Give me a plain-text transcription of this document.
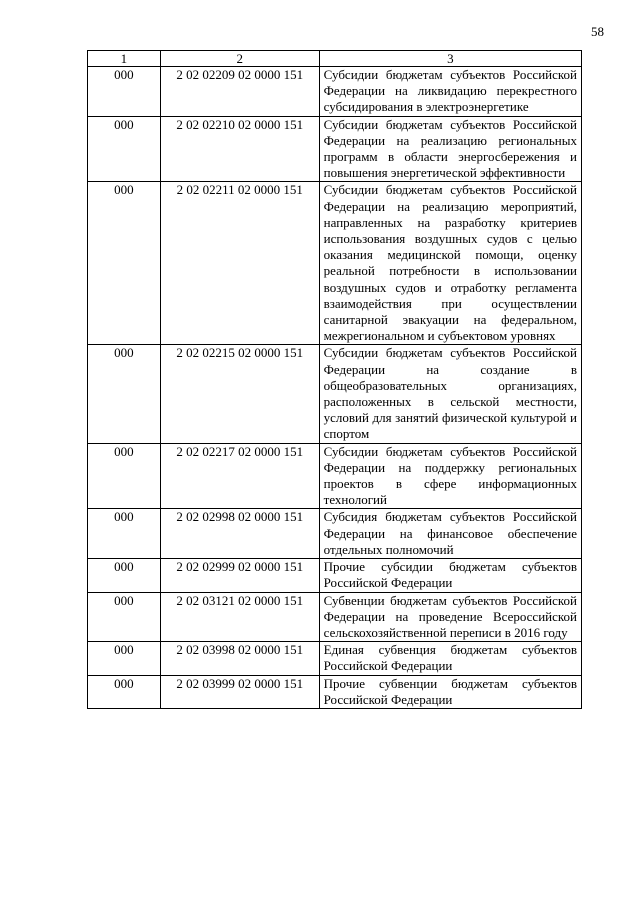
58
1	2	3
000	2 02 02209 02 0000 151	Субсидии бюджетам субъектов Российской Федерации на ликвидацию перекрестного субсидирования в электроэнергетике
000	2 02 02210 02 0000 151	Субсидии бюджетам субъектов Российской Федерации на реализацию региональных программ в области энергосбережения и повышения энергетической эффективности
000	2 02 02211 02 0000 151	Субсидии бюджетам субъектов Российской Федерации на реализацию мероприятий, направленных на разработку критериев использования воздушных судов с целью оказания медицинской помощи, оценку реальной потребности в использовании воздушных судов и отработку регламента взаимодействия при осуществлении санитарной эвакуации на федеральном, межрегиональном и субъектовом уровнях
000	2 02 02215 02 0000 151	Субсидии бюджетам субъектов Российской Федерации на создание в общеобразовательных организациях, расположенных в сельской местности, условий для занятий физической культурой и спортом
000	2 02 02217 02 0000 151	Субсидии бюджетам субъектов Российской Федерации на поддержку региональных проектов в сфере информационных технологий
000	2 02 02998 02 0000 151	Субсидия бюджетам субъектов Российской Федерации на финансовое обеспечение отдельных полномочий
000	2 02 02999 02 0000 151	Прочие субсидии бюджетам субъектов Российской Федерации
000	2 02 03121 02 0000 151	Субвенции бюджетам субъектов Российской Федерации на проведение Всероссийской сельскохозяйственной переписи в 2016 году
000	2 02 03998 02 0000 151	Единая субвенция бюджетам субъектов Российской Федерации
000	2 02 03999 02 0000 151	Прочие субвенции бюджетам субъектов Российской Федерации
